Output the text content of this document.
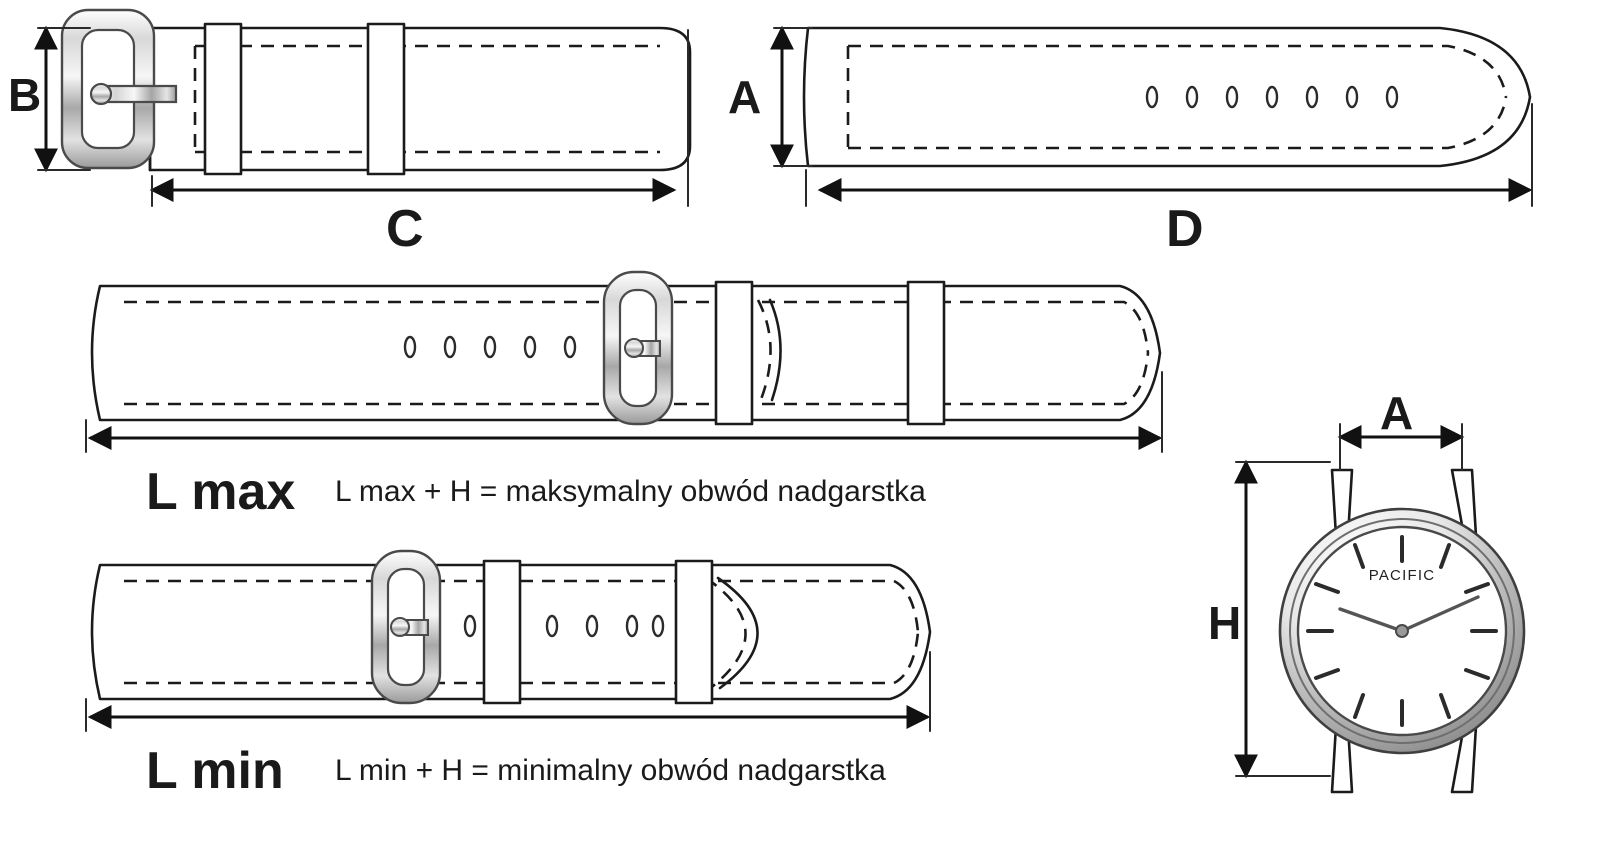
PACIFIC
B
C
A
D
L max L max + H = maksymalny obwód nadgarstka
L min L min + H = minimalny obwód nadgarstka
A
H
